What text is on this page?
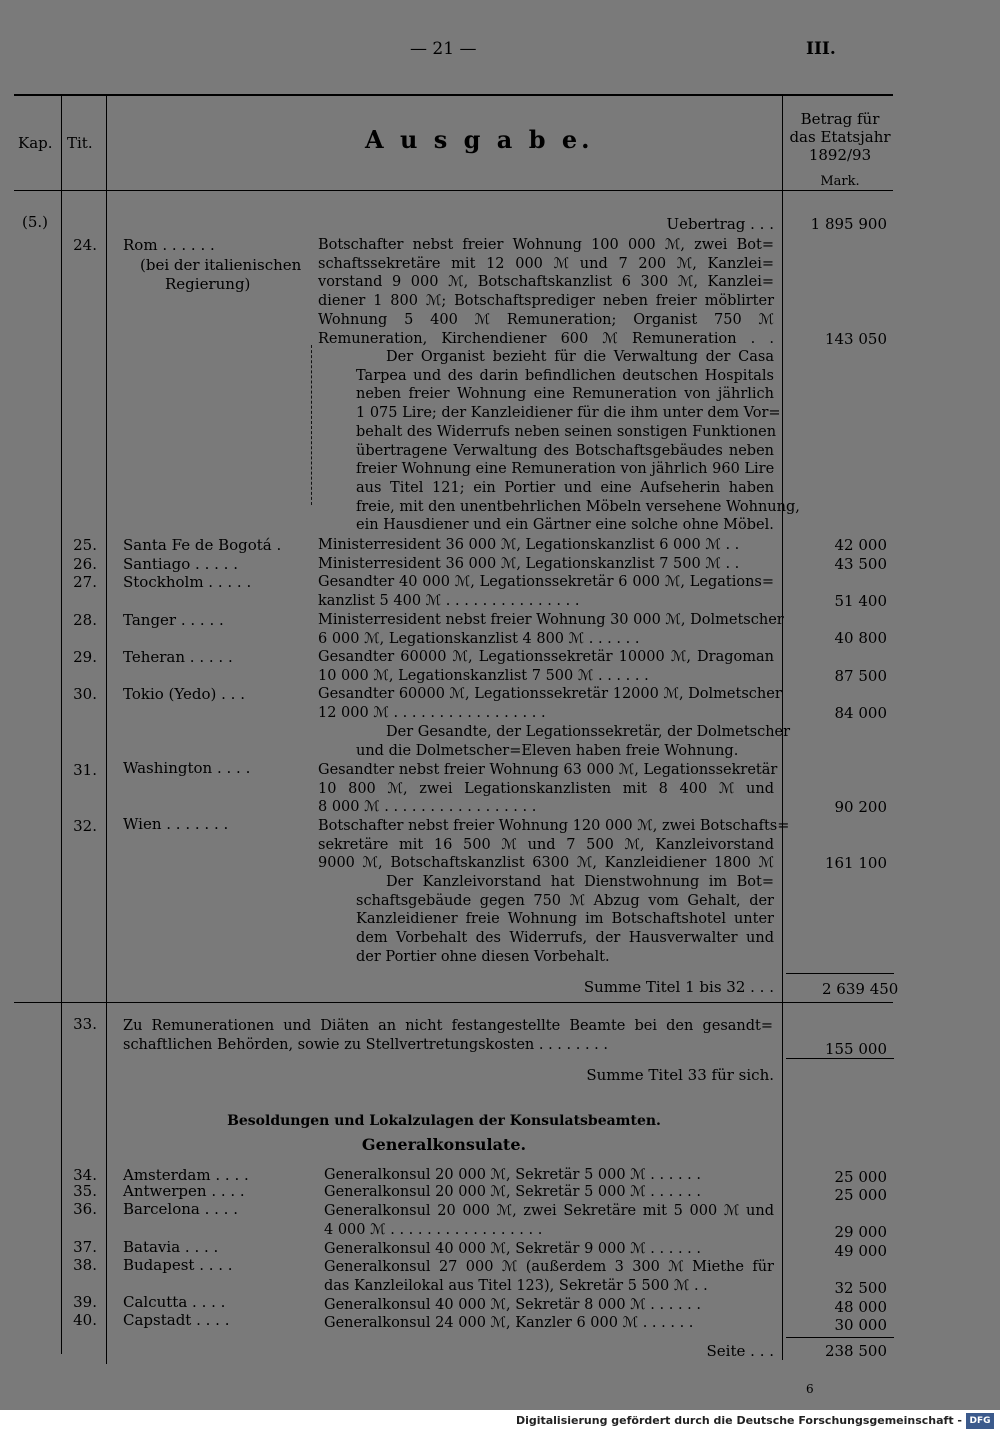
— 21 —	III.
Kap. Tit.	A u s g a b e.
Betrag für
das Etatsjahr
1892/93
Mark.
(5.)	Uebertrag . . . 1 895 900
24. Rom . . . . . .
(bei der italienischen
Regierung)
Botschafter nebst freier Wohnung 100 000 ℳ, zwei Bot=
schaftssekretäre mit 12 000 ℳ und 7 200 ℳ, Kanzlei=
vorstand 9 000 ℳ, Botschaftskanzlist 6 300 ℳ, Kanzlei=
diener 1 800 ℳ; Botschaftsprediger neben freier möblirter
Wohnung 5 400 ℳ Remuneration; Organist 750 ℳ
Remuneration, Kirchendiener 600 ℳ Remuneration . .	143 050
Der Organist bezieht für die Verwaltung der Casa
Tarpea und des darin befindlichen deutschen Hospitals
neben freier Wohnung eine Remuneration von jährlich
1 075 Lire; der Kanzleidiener für die ihm unter dem Vor=
behalt des Widerrufs neben seinen sonstigen Funktionen
übertragene Verwaltung des Botschaftsgebäudes neben
freier Wohnung eine Remuneration von jährlich 960 Lire
aus Titel 121; ein Portier und eine Aufseherin haben
freie, mit den unentbehrlichen Möbeln versehene Wohnung,
ein Hausdiener und ein Gärtner eine solche ohne Möbel.
25. Santa Fe de Bogotá .	Ministerresident 36 000 ℳ, Legationskanzlist 6 000 ℳ . .	42 000
26. Santiago . . . . .	Ministerresident 36 000 ℳ, Legationskanzlist 7 500 ℳ . .	43 500
27. Stockholm . . . . .	Gesandter 40 000 ℳ, Legationssekretär 6 000 ℳ, Legations=
kanzlist 5 400 ℳ . . . . . . . . . . . . . . .	51 400
28. Tanger . . . . .	Ministerresident nebst freier Wohnung 30 000 ℳ, Dolmetscher
6 000 ℳ, Legationskanzlist 4 800 ℳ . . . . . .	40 800
29. Teheran . . . . .	Gesandter 60000 ℳ, Legationssekretär 10000 ℳ, Dragoman
10 000 ℳ, Legationskanzlist 7 500 ℳ . . . . . .	87 500
30. Tokio (Yedo) . . .	Gesandter 60000 ℳ, Legationssekretär 12000 ℳ, Dolmetscher
12 000 ℳ . . . . . . . . . . . . . . . . .	84 000
Der Gesandte, der Legationssekretär, der Dolmetscher
und die Dolmetscher=Eleven haben freie Wohnung.
31. Washington . . . .	Gesandter nebst freier Wohnung 63 000 ℳ, Legationssekretär
10 800 ℳ, zwei Legationskanzlisten mit 8 400 ℳ und
8 000 ℳ . . . . . . . . . . . . . . . . .	90 200
32. Wien . . . . . . .	Botschafter nebst freier Wohnung 120 000 ℳ, zwei Botschafts=
sekretäre mit 16 500 ℳ und 7 500 ℳ, Kanzleivorstand
9000 ℳ, Botschaftskanzlist 6300 ℳ, Kanzleidiener 1800 ℳ	161 100
Der Kanzleivorstand hat Dienstwohnung im Bot=
schaftsgebäude gegen 750 ℳ Abzug vom Gehalt, der
Kanzleidiener freie Wohnung im Botschaftshotel unter
dem Vorbehalt des Widerrufs, der Hausverwalter und
der Portier ohne diesen Vorbehalt.
Summe Titel 1 bis 32 . . .	2 639 450
33. Zu Remunerationen und Diäten an nicht festangestellte Beamte bei den gesandt=
schaftlichen Behörden, sowie zu Stellvertretungskosten . . . . . . . .	155 000
Summe Titel 33 für sich.
Besoldungen und Lokalzulagen der Konsulatsbeamten.
Generalkonsulate.
34. Amsterdam . . . .	Generalkonsul 20 000 ℳ, Sekretär 5 000 ℳ . . . . . .	25 000
35. Antwerpen . . . .	Generalkonsul 20 000 ℳ, Sekretär 5 000 ℳ . . . . . .	25 000
36. Barcelona . . . .	Generalkonsul 20 000 ℳ, zwei Sekretäre mit 5 000 ℳ und
4 000 ℳ . . . . . . . . . . . . . . . . .	29 000
37. Batavia . . . .	Generalkonsul 40 000 ℳ, Sekretär 9 000 ℳ . . . . . .	49 000
38. Budapest . . . .	Generalkonsul 27 000 ℳ (außerdem 3 300 ℳ Miethe für
das Kanzleilokal aus Titel 123), Sekretär 5 500 ℳ . .	32 500
39. Calcutta . . . .	Generalkonsul 40 000 ℳ, Sekretär 8 000 ℳ . . . . . .	48 000
40. Capstadt . . . .	Generalkonsul 24 000 ℳ, Kanzler 6 000 ℳ . . . . . .	30 000
Seite . . .	238 500
6
Digitalisierung gefördert durch die Deutsche Forschungsgemeinschaft - DFG
